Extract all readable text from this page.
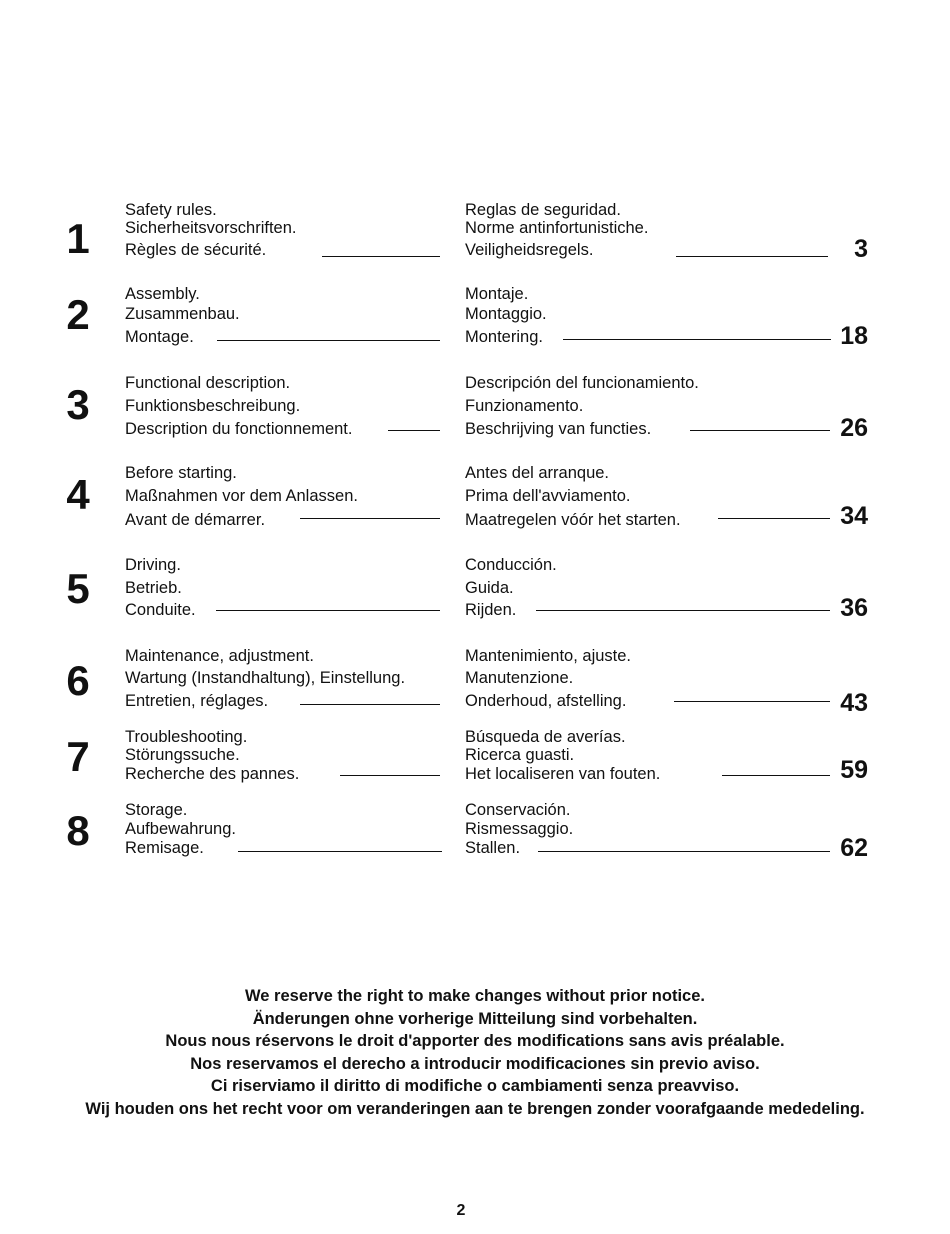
1
Safety rules.
Sicherheitsvorschriften.
Règles de sécurité.
Reglas de seguridad.
Norme antinfortunistiche.
Veiligheidsregels.	3
2	Assembly.
Zusammenbau.
Montage.
Montaje.
Montaggio.
Montering.	18
3	Functional description.
Funktionsbeschreibung.
Description du fonctionnement.
Descripción del funcionamiento.
Funzionamento.
Beschrijving van functies.	26
4	Before starting.
Maßnahmen vor dem Anlassen.
Avant de démarrer.
Antes del arranque.
Prima dell'avviamento.
Maatregelen vóór het starten.	34
5	Driving.
Betrieb.
Conduite.
Conducción.
Guida.
Rijden.	36
6
Maintenance, adjustment.
Wartung (Instandhaltung), Einstellung.
Entretien, réglages.
Mantenimiento, ajuste.
Manutenzione.
Onderhoud, afstelling.	43
7	Troubleshooting.
Störungssuche.
Recherche des pannes.
Búsqueda de averías.
Ricerca guasti.
Het localiseren van fouten.	59
8	Storage.
Aufbewahrung.
Remisage.
Conservación.
Rismessaggio.
Stallen.	62
We reserve the right to make changes without prior notice.
Änderungen ohne vorherige Mitteilung sind vorbehalten.
Nous nous réservons le droit d'apporter des modifications sans avis préalable.
Nos reservamos el derecho a introducir modificaciones sin previo aviso.
Ci riserviamo il diritto di modifiche o cambiamenti senza preavviso.
Wij houden ons het recht voor om veranderingen aan te brengen zonder voorafgaande mededeling.
2
